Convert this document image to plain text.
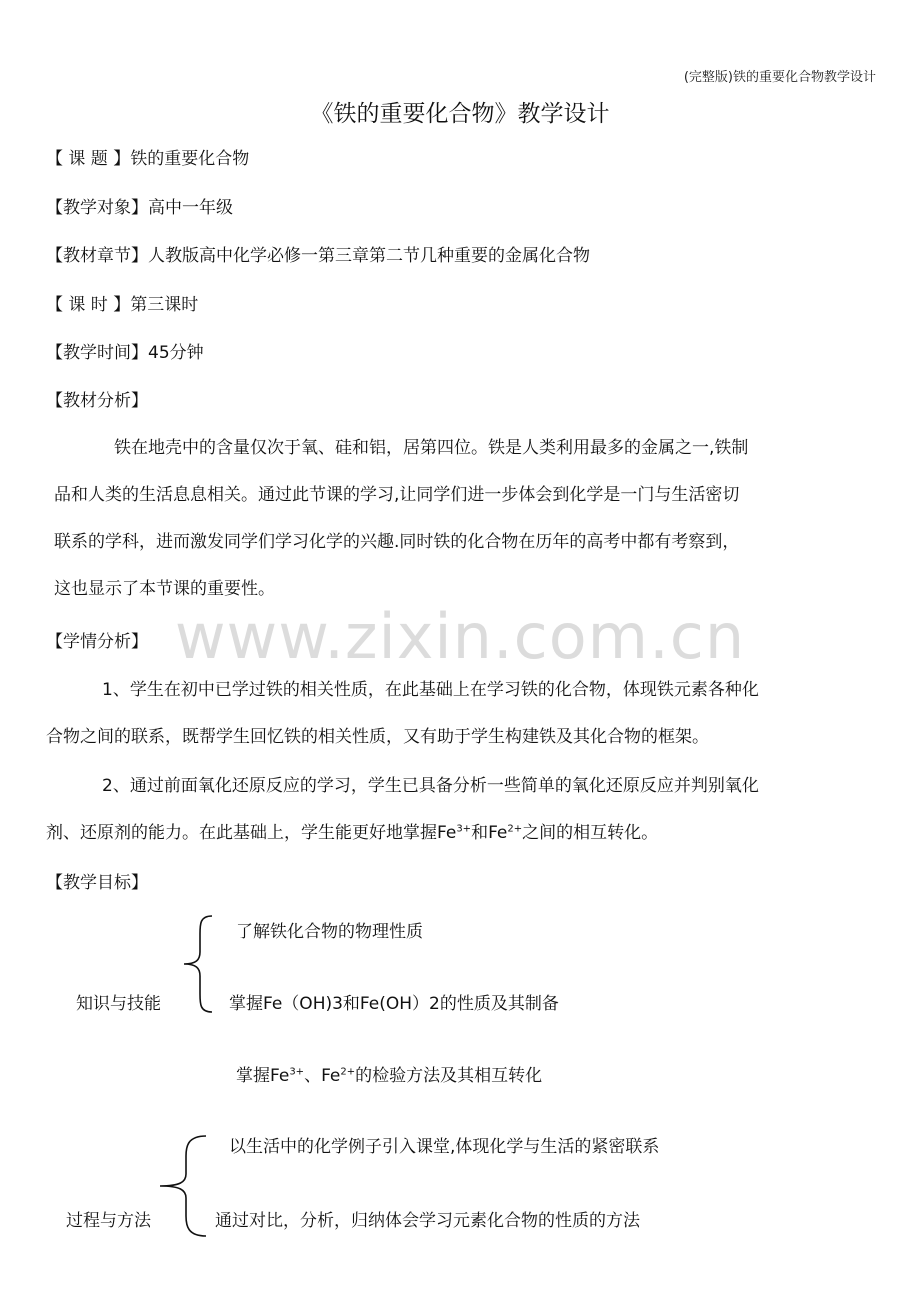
(完整版)铁的重要化合物教学设计
《铁的重要化合物》教学设计
【 课 题 】铁的重要化合物
【教学对象】高中一年级
【教材章节】人教版高中化学必修一第三章第二节几种重要的金属化合物
【 课 时 】第三课时
【教学时间】45分钟
【教材分析】
铁在地壳中的含量仅次于氧、硅和铝，居第四位。铁是人类利用最多的金属之一,铁制
品和人类的生活息息相关。通过此节课的学习,让同学们进一步体会到化学是一门与生活密切
联系的学科，进而激发同学们学习化学的兴趣.同时铁的化合物在历年的高考中都有考察到，
这也显示了本节课的重要性。
www.zixin.com.cn
【学情分析】
1、学生在初中已学过铁的相关性质，在此基础上在学习铁的化合物，体现铁元素各种化
合物之间的联系，既帮学生回忆铁的相关性质，又有助于学生构建铁及其化合物的框架。
2、通过前面氧化还原反应的学习，学生已具备分析一些简单的氧化还原反应并判别氧化
剂、还原剂的能力。在此基础上，学生能更好地掌握$Fe^{3+}$和$Fe^{2+}$之间的相互转化。
【教学目标】
知识与技能
了解铁化合物的物理性质
掌握Fe（OH)3和Fe(OH）2的性质及其制备
掌握$Fe^{3+}$、$Fe^{2+}$的检验方法及其相互转化
过程与方法
以生活中的化学例子引入课堂,体现化学与生活的紧密联系
通过对比，分析，归纳体会学习元素化合物的性质的方法
